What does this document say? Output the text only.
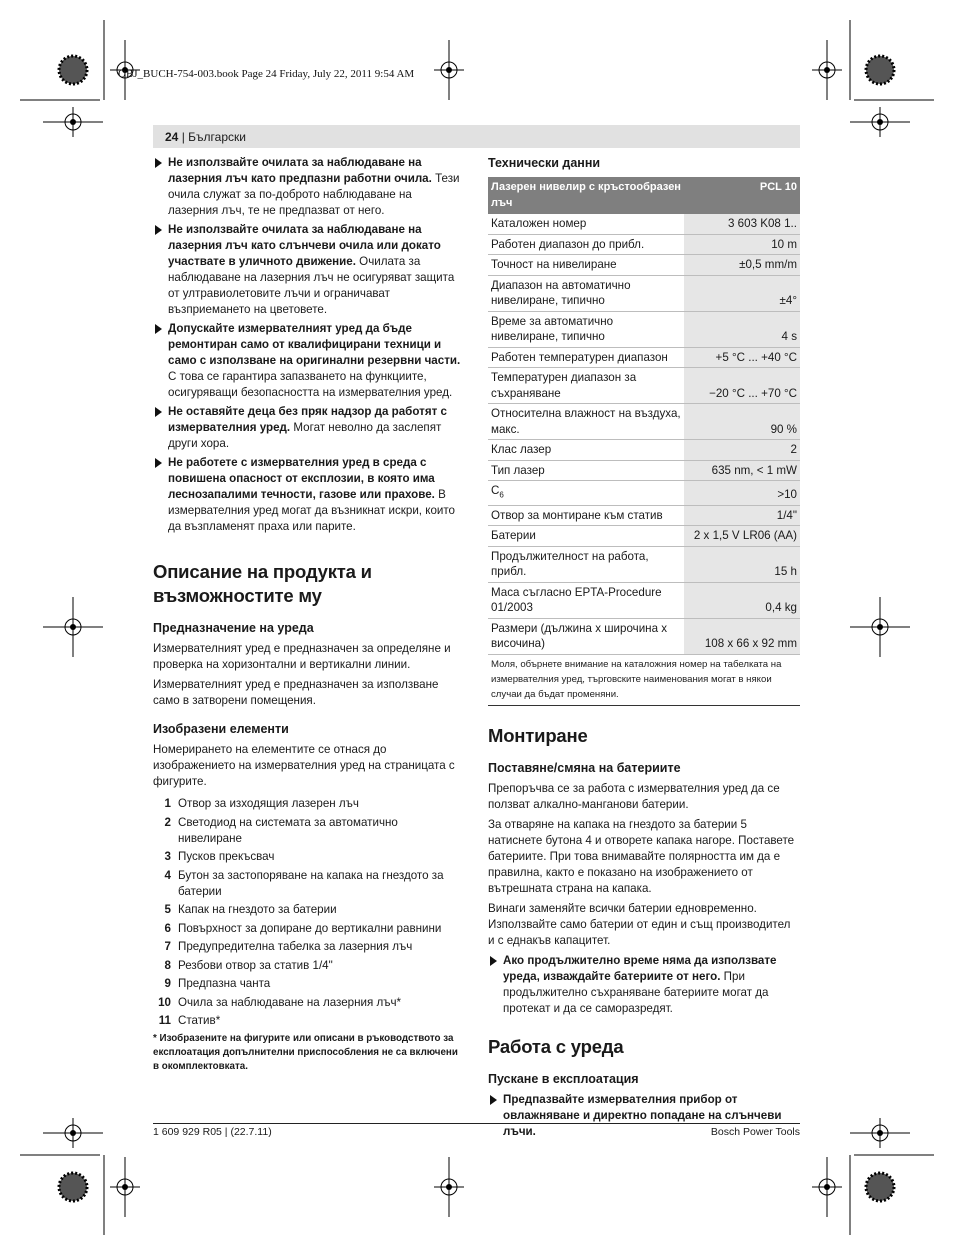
OBJ_BUCH-754-003.book Page 24 Friday, July 22, 2011 9:54 AM
24 | Български
Не използвайте очилата за наблюдаване на лазерния лъч като предпазни работни очила. Тези очила служат за по-доброто наблюдаване на лазерния лъч, те не предпазват от него.
Не използвайте очилата за наблюдаване на лазерния лъч като слънчеви очила или докато участвате в уличното движение. Очилата за наблюдаване на лазерния лъч не осигуряват защита от ултравиолетовите лъчи и ограничават възприемането на цветовете.
Допускайте измервателният уред да бъде ремонтиран само от квалифицирани техници и само с използване на оригинални резервни части. С това се гарантира запазването на функциите, осигуряващи безопасността на измервателния уред.
Не оставяйте деца без пряк надзор да работят с измервателния уред. Могат неволно да заслепят други хора.
Не работете с измервателния уред в среда с повишена опасност от експлозии, в която има леснозапалими течности, газове или прахове. В измервателния уред могат да възникнат искри, които да възпламенят праха или парите.
Описание на продукта и възможностите му
Предназначение на уреда

Измервателният уред е предназначен за определяне и проверка на хоризонтални и вертикални линии.

Измервателният уред е предназначен за използване само в затворени помещения.

Изобразени елементи

Номерирането на елементите се отнася до изображението на измервателния уред на страницата с фигурите.

1 Отвор за изходящия лазерен лъч
2 Светодиод на системата за автоматично нивелиране
3 Пусков прекъсвач
4 Бутон за застопоряване на капака на гнездото за батерии
5 Капак на гнездото за батерии
6 Повърхност за допиране до вертикални равнини
7 Предупредителна табелка за лазерния лъч
8 Резбови отвор за статив 1/4"
9 Предпазна чанта
10 Очила за наблюдаване на лазерния лъч*
11 Статив*
* Изобразените на фигурите или описани в ръководството за експлоатация допълнителни приспособления не са включени в окомплектовката.
Технически данни
Лазерен нивелир с кръстообразен лъч	PCL 10
Каталожен номер	3 603 K08 1..
Работен диапазон до прибл.	10 m
Точност на нивелиране	±0,5 mm/m
Диапазон на автоматично нивелиране, типично	±4°
Време за автоматично нивелиране, типично	4 s
Работен температурен диапазон	+5 °C ... +40 °C
Температурен диапазон за съхраняване	−20 °C ... +70 °C
Относителна влажност на въздуха, макс.	90 %
Клас лазер	2
Тип лазер	635 nm, < 1 mW
$C_6$	>10
Отвор за монтиране към статив	1/4"
Батерии	2 x 1,5 V LR06 (AA)
Продължителност на работа, прибл.	15 h
Маса съгласно EPTA-Procedure 01/2003	0,4 kg
Размери (дължина x широчина x височина)	108 x 66 x 92 mm
Моля, обърнете внимание на каталожния номер на табелката на измервателния уред, търговските наименования могат в някои случаи да бъдат променяни.
Монтиране
Поставяне/смяна на батериите

Препоръчва се за работа с измервателния уред да се ползват алкално-манганови батерии.

За отваряне на капака на гнездото за батерии 5 натиснете бутона 4 и отворете капака нагоре. Поставете батериите. При това внимавайте полярността им да е правилна, както е показано на изображението от вътрешната страна на капака.

Винаги заменяйте всички батерии едновременно. Използвайте само батерии от един и същ производител и с еднакъв капацитет.

Ако продължително време няма да използвате уреда, изваждайте батериите от него. При продължително съхраняване батериите могат да протекат и да се саморазредят.
Работа с уреда
Пускане в експлоатация
Предпазвайте измервателния прибор от овлажняване и директно попадане на слънчеви лъчи.
1 609 929 R05 | (22.7.11)	Bosch Power Tools
